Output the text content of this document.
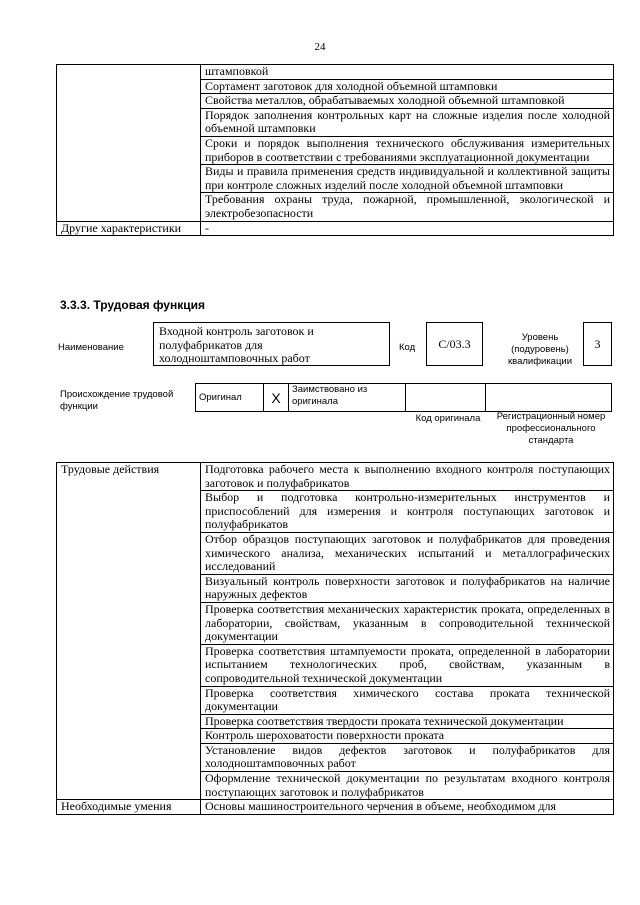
24
	штамповкой
	Сортамент заготовок для холодной объемной штамповки
	Свойства металлов, обрабатываемых холодной объемной штамповкой
	Порядок заполнения контрольных карт на сложные изделия после холодной объемной штамповки
	Сроки и порядок выполнения технического обслуживания измерительных приборов в соответствии с требованиями эксплуатационной документации
	Виды и правила применения средств индивидуальной и коллективной защиты при контроле сложных изделий после холодной объемной штамповки
	Требования охраны труда, пожарной, промышленной, экологической и электробезопасности
Другие характеристики	-
3.3.3. Трудовая функция
Наименование
Входной контроль заготовок и полуфабрикатов для холодноштамповочных работ
Код	C/03.3	Уровень (подуровень) квалификации
3
Происхождение трудовой функции
Оригинал	X	Заимствовано из оригинала		
Код оригинала	Регистрационный номер профессионального стандарта
Трудовые действия	Подготовка рабочего места к выполнению входного контроля поступающих заготовок и полуфабрикатов
	Выбор и подготовка контрольно-измерительных инструментов и приспособлений для измерения и контроля поступающих заготовок и полуфабрикатов
	Отбор образцов поступающих заготовок и полуфабрикатов для проведения химического анализа, механических испытаний и металлографических исследований
	Визуальный контроль поверхности заготовок и полуфабрикатов на наличие наружных дефектов
	Проверка соответствия механических характеристик проката, определенных в лаборатории, свойствам, указанным в сопроводительной технической документации
	Проверка соответствия штампуемости проката, определенной в лаборатории испытанием технологических проб, свойствам, указанным в сопроводительной технической документации
	Проверка соответствия химического состава проката технической документации
	Проверка соответствия твердости проката технической документации
	Контроль шероховатости поверхности проката
	Установление видов дефектов заготовок и полуфабрикатов для холодноштамповочных работ
	Оформление технической документации по результатам входного контроля поступающих заготовок и полуфабрикатов
Необходимые умения	Основы машиностроительного черчения в объеме, необходимом для
